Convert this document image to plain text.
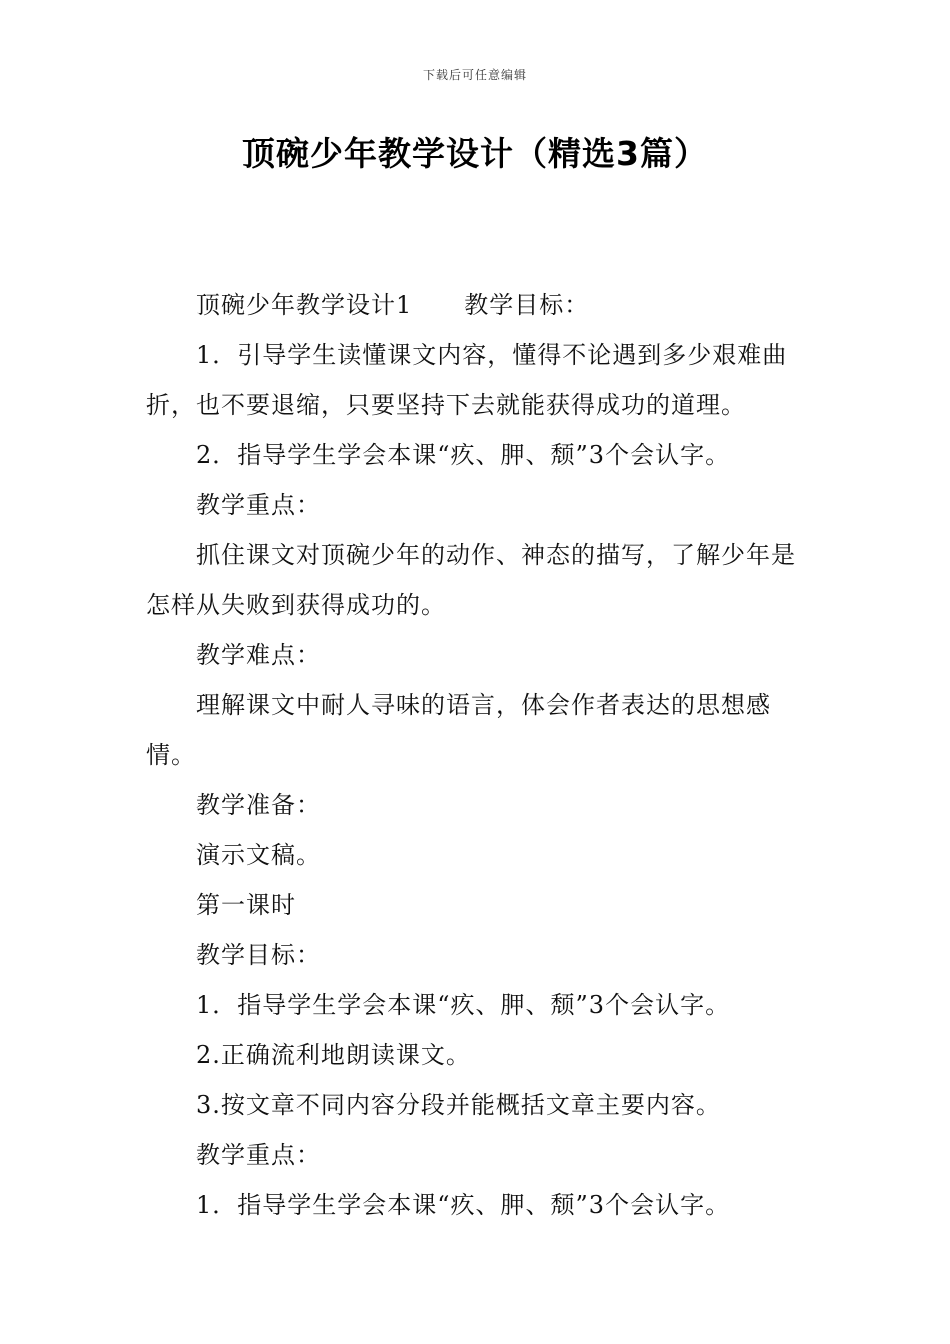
下载后可任意编辑
顶碗少年教学设计（精选3篇）

顶碗少年教学设计1 教学目标：

1．引导学生读懂课文内容，懂得不论遇到多少艰难曲折，也不要退缩，只要坚持下去就能获得成功的道理。

2．指导学生学会本课“疚、胛、颓”3个会认字。

教学重点：

抓住课文对顶碗少年的动作、神态的描写，了解少年是怎样从失败到获得成功的。

教学难点：

理解课文中耐人寻味的语言，体会作者表达的思想感情。

教学准备：

演示文稿。

第一课时

教学目标：

1．指导学生学会本课“疚、胛、颓”3个会认字。

2.正确流利地朗读课文。

3.按文章不同内容分段并能概括文章主要内容。

教学重点：

1．指导学生学会本课“疚、胛、颓”3个会认字。
